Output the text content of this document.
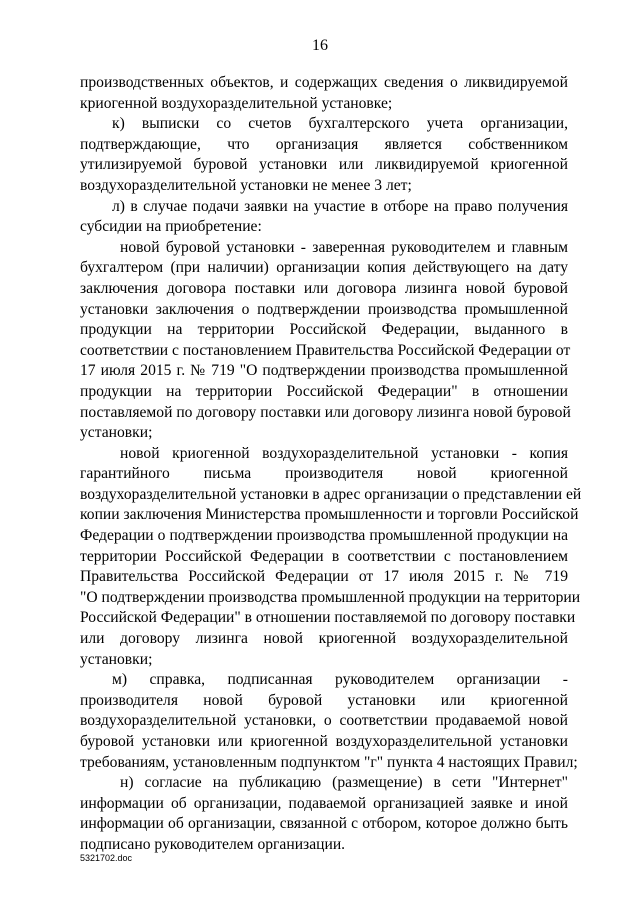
16
производственных объектов, и содержащих сведения о ликвидируемой
криогенной воздухоразделительной установке;
к) выписки со счетов бухгалтерского учета организации,
подтверждающие, что организация является собственником
утилизируемой буровой установки или ликвидируемой криогенной
воздухоразделительной установки не менее 3 лет;
л) в случае подачи заявки на участие в отборе на право получения
субсидии на приобретение:
новой буровой установки - заверенная руководителем и главным
бухгалтером (при наличии) организации копия действующего на дату
заключения договора поставки или договора лизинга новой буровой
установки заключения о подтверждении производства промышленной
продукции на территории Российской Федерации, выданного в
соответствии с постановлением Правительства Российской Федерации от
17 июля 2015 г. № 719 "О подтверждении производства промышленной
продукции на территории Российской Федерации" в отношении
поставляемой по договору поставки или договору лизинга новой буровой
установки;
новой криогенной воздухоразделительной установки - копия
гарантийного письма производителя новой криогенной
воздухоразделительной установки в адрес организации о представлении ей
копии заключения Министерства промышленности и торговли Российской
Федерации о подтверждении производства промышленной продукции на
территории Российской Федерации в соответствии с постановлением
Правительства Российской Федерации от 17 июля 2015 г. № 719
"О подтверждении производства промышленной продукции на территории
Российской Федерации" в отношении поставляемой по договору поставки
или договору лизинга новой криогенной воздухоразделительной
установки;
м) справка, подписанная руководителем организации -
производителя новой буровой установки или криогенной
воздухоразделительной установки, о соответствии продаваемой новой
буровой установки или криогенной воздухоразделительной установки
требованиям, установленным подпунктом "г" пункта 4 настоящих Правил;
н) согласие на публикацию (размещение) в сети "Интернет"
информации об организации, подаваемой организацией заявке и иной
информации об организации, связанной с отбором, которое должно быть
подписано руководителем организации.
5321702.doc
